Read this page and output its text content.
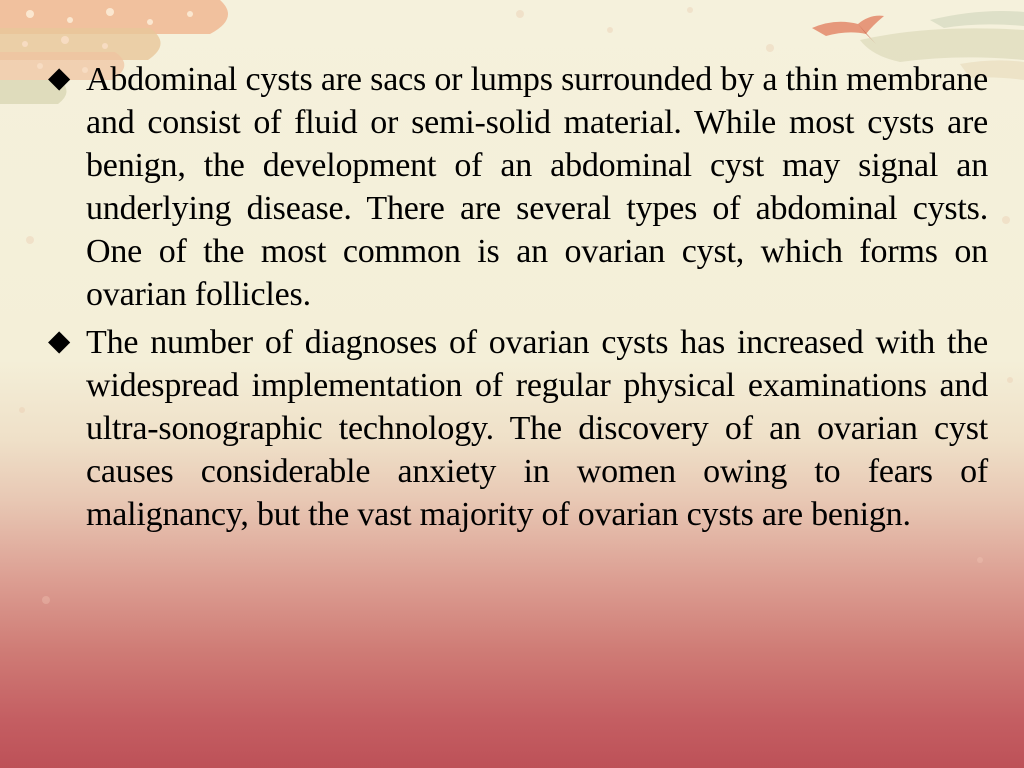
◆ Abdominal cysts are sacs or lumps surrounded by a thin membrane and consist of fluid or semi-solid material. While most cysts are benign, the development of an abdominal cyst may signal an underlying disease. There are several types of abdominal cysts. One of the most common is an ovarian cyst, which forms on ovarian follicles.
◆ The number of diagnoses of ovarian cysts has increased with the widespread implementation of regular physical examinations and ultra-sonographic technology. The discovery of an ovarian cyst causes considerable anxiety in women owing to fears of malignancy, but the vast majority of ovarian cysts are benign.
